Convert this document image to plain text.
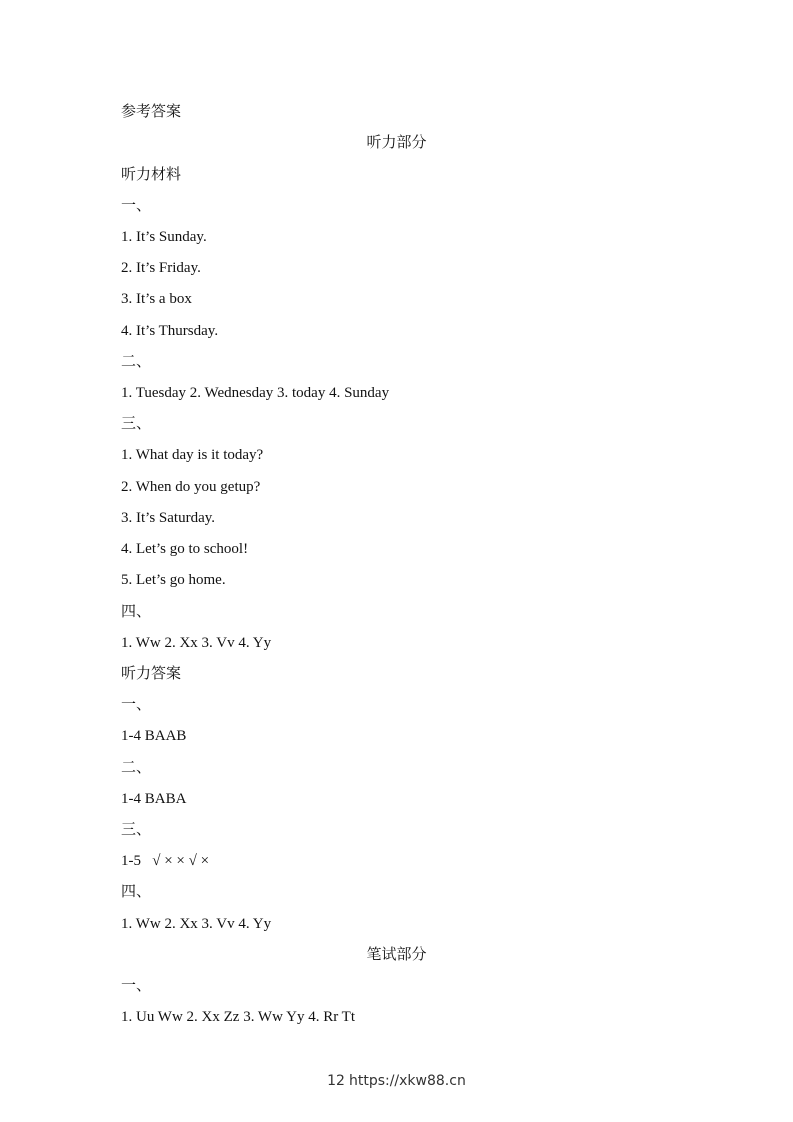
参考答案
听力部分
听力材料
一、
1. It’s Sunday.
2. It’s Friday.
3. It’s a box
4. It’s Thursday.
二、
1. Tuesday 2. Wednesday 3. today 4. Sunday
三、
1. What day is it today?
2. When do you getup?
3. It’s Saturday.
4. Let’s go to school!
5. Let’s go home.
四、
1. Ww 2. Xx 3. Vv 4. Yy
听力答案
一、
1-4 BAAB
二、
1-4 BABA
三、
1-5   √ × × √ ×
四、
1. Ww 2. Xx 3. Vv 4. Yy
笔试部分
一、
1. Uu Ww 2. Xx Zz 3. Ww Yy 4. Rr Tt
12 https://xkw88.cn
